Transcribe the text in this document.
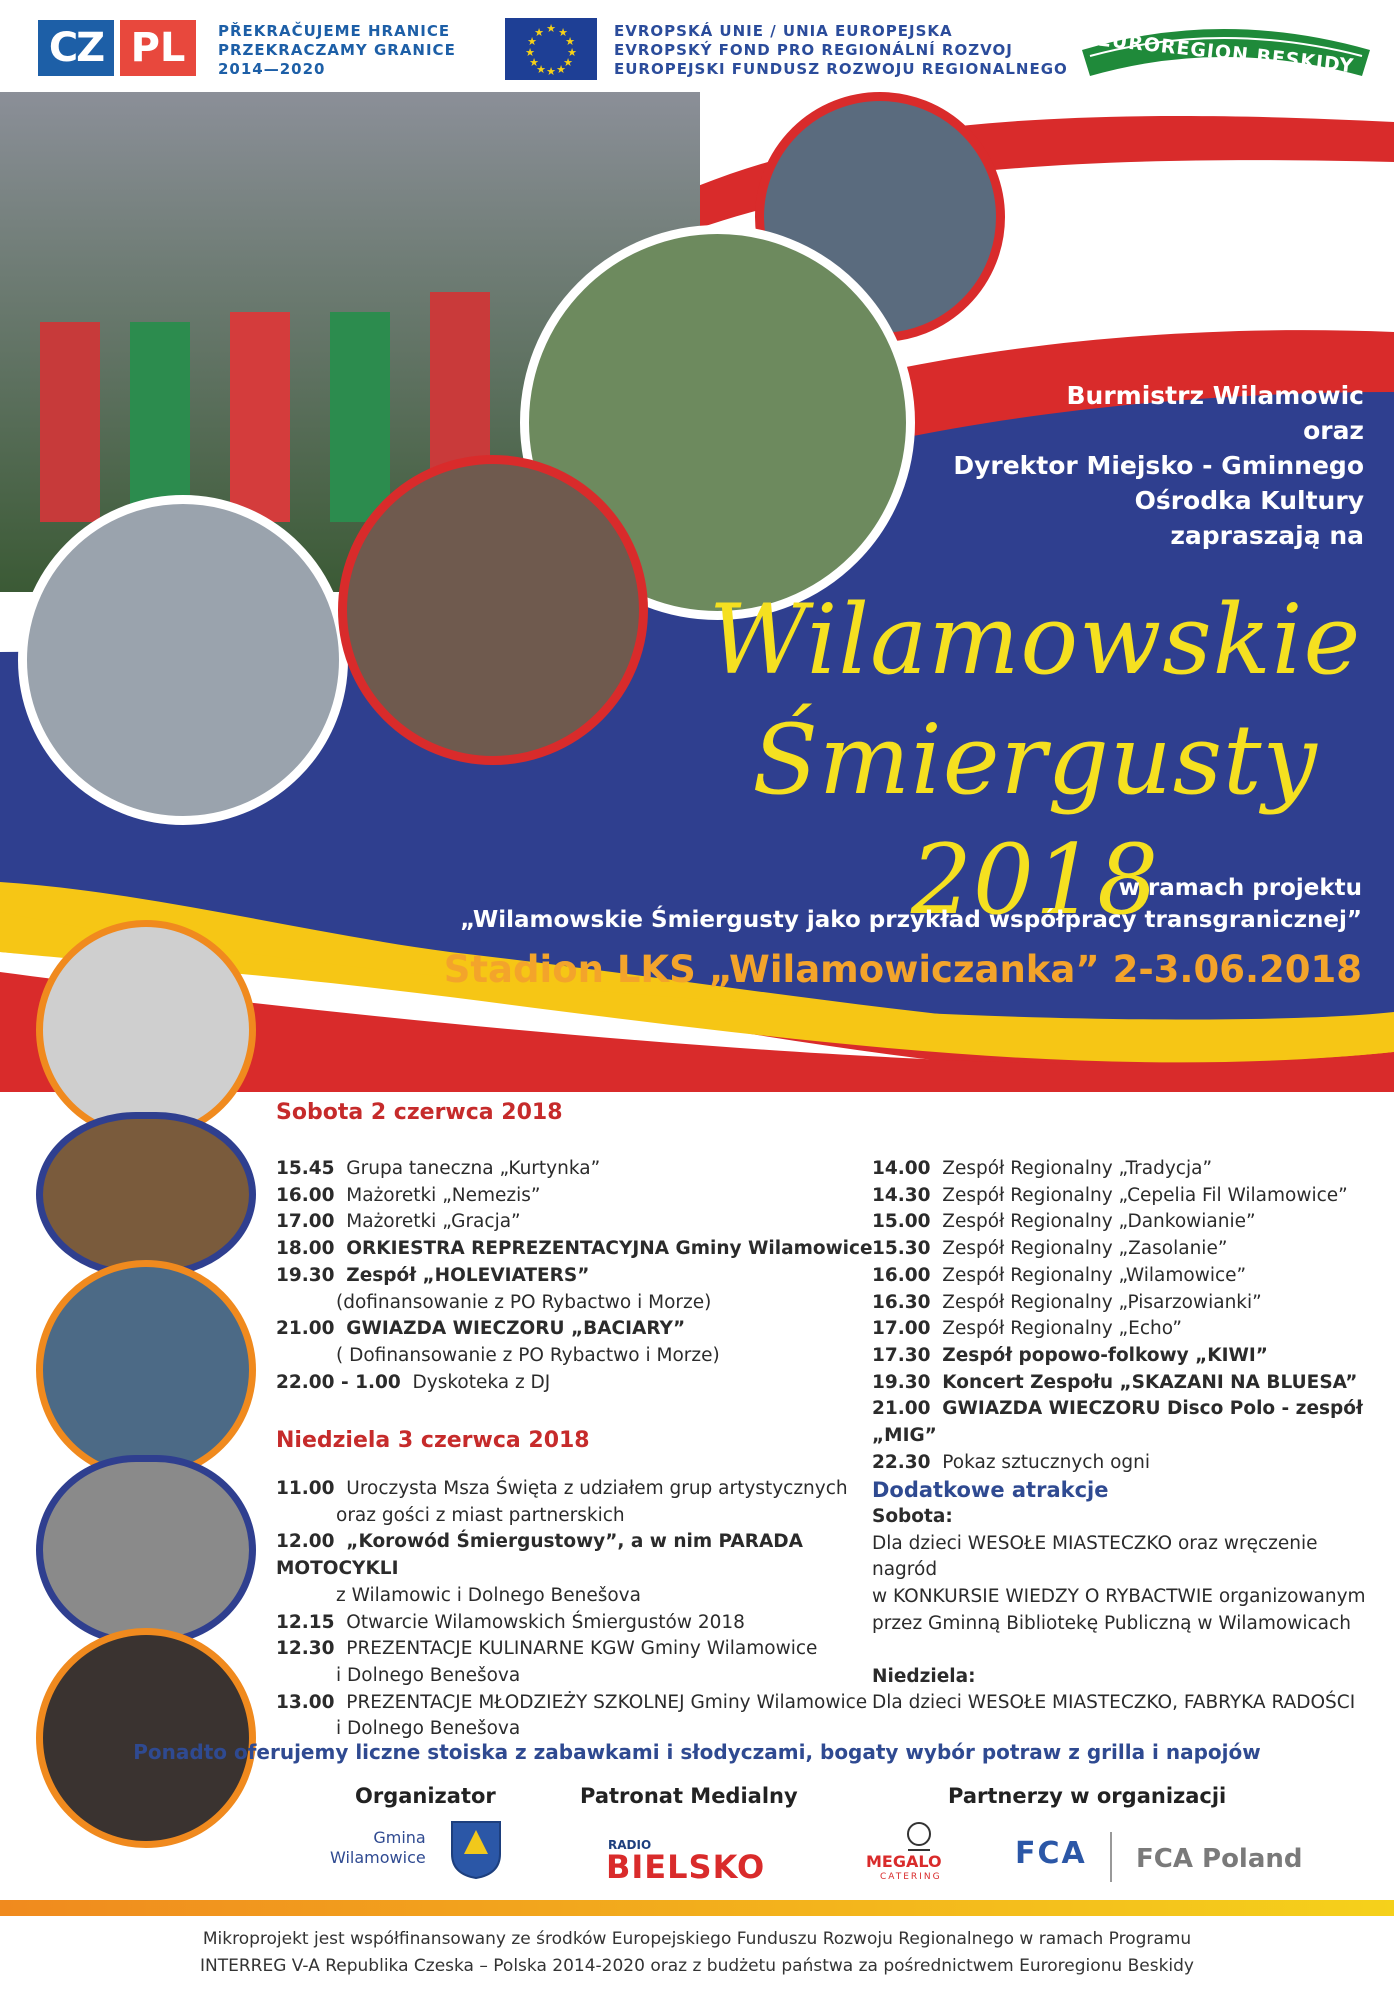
CZ PL	PŘEKRAČUJEME HRANICE
PRZEKRACZAMY GRANICE
2014—2020
★ ★
★
★
★
★
★
★
★
★
★
★	EVROPSKÁ UNIE / UNIA EUROPEJSKA
EVROPSKÝ FOND PRO REGIONÁLNÍ ROZVOJ
EUROPEJSKI FUNDUSZ ROZWOJU REGIONALNEGO	EUROREGION BESKIDY
Burmistrz Wilamowic
oraz
Dyrektor Miejsko - Gminnego
Ośrodka Kultury
zapraszają na
Wilamowskie
Śmiergusty 2018
w ramach projektu
„Wilamowskie Śmiergusty jako przykład współpracy transgranicznej”
Stadion LKS „Wilamowiczanka” 2-3.06.2018
Sobota 2 czerwca 2018
15.45 Grupa taneczna „Kurtynka”
16.00 Mażoretki „Nemezis”
17.00 Mażoretki „Gracja”
18.00 ORKIESTRA REPREZENTACYJNA Gminy Wilamowice
19.30 Zespół „HOLEVIATERS”
(dofinansowanie z PO Rybactwo i Morze)
21.00 GWIAZDA WIECZORU „BACIARY”
( Dofinansowanie z PO Rybactwo i Morze)
22.00 - 1.00 Dyskoteka z DJ
14.00 Zespół Regionalny „Tradycja”
14.30 Zespół Regionalny „Cepelia Fil Wilamowice”
15.00 Zespół Regionalny „Dankowianie”
15.30 Zespół Regionalny „Zasolanie”
16.00 Zespół Regionalny „Wilamowice”
16.30 Zespół Regionalny „Pisarzowianki”
17.00 Zespół Regionalny „Echo”
17.30 Zespół popowo-folkowy „KIWI”
19.30 Koncert Zespołu „SKAZANI NA BLUESA”
21.00 GWIAZDA WIECZORU Disco Polo - zespół „MIG”
22.30 Pokaz sztucznych ogni
Niedziela 3 czerwca 2018
11.00 Uroczysta Msza Święta z udziałem grup artystycznych
oraz gości z miast partnerskich
12.00 „Korowód Śmiergustowy”, a w nim PARADA MOTOCYKLI
z Wilamowic i Dolnego Benešova
12.15 Otwarcie Wilamowskich Śmiergustów 2018
12.30 PREZENTACJE KULINARNE KGW Gminy Wilamowice
i Dolnego Benešova
13.00 PREZENTACJE MŁODZIEŻY SZKOLNEJ Gminy Wilamowice
i Dolnego Benešova
Dodatkowe atrakcje
Sobota:
Dla dzieci WESOŁE MIASTECZKO oraz wręczenie nagród
w KONKURSIE WIEDZY O RYBACTWIE organizowanym
przez Gminną Bibliotekę Publiczną w Wilamowicach
Niedziela:
Dla dzieci WESOŁE MIASTECZKO, FABRYKA RADOŚCI
Ponadto oferujemy liczne stoiska z zabawkami i słodyczami, bogaty wybór potraw z grilla i napojów
Organizator
Gmina
Wilamowice
Patronat Medialny
RADIO
BIELSKO
Partnerzy w organizacji
MEGALO
CATERING
FCA FCA Poland
Mikroprojekt jest współfinansowany ze środków Europejskiego Funduszu Rozwoju Regionalnego w ramach Programu
INTERREG V-A Republika Czeska – Polska 2014-2020 oraz z budżetu państwa za pośrednictwem Euroregionu Beskidy
